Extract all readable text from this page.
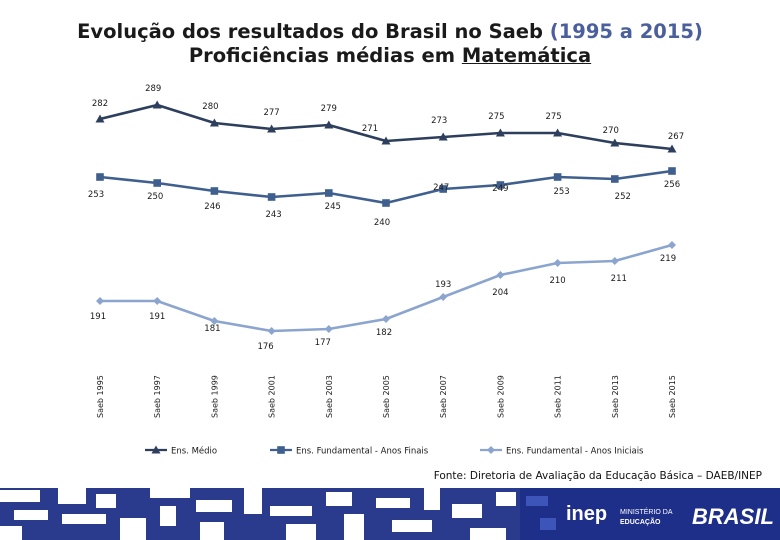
Evolução dos resultados do Brasil no Saeb (1995 a 2015)
Proficiências médias em Matemática
282
289
280
277	279
271
273	275	275
270
267
253	250
246
243
245
240
247	249	253	252
256
191	191
181
176	177
182
193
204
210	211
219
Saeb 1995	Saeb 1997	Saeb 1999	Saeb 2001	Saeb 2003	Saeb 2005	Saeb 2007	Saeb 2009	Saeb 2011	Saeb 2013	Saeb 2015
Ens. Médio	Ens. Fundamental - Anos Finais	Ens. Fundamental - Anos Iniciais
Fonte: Diretoria de Avaliação da Educação Básica – DAEB/INEP
inep MINISTÉRIO DA
EDUCAÇÃO BRASIL
